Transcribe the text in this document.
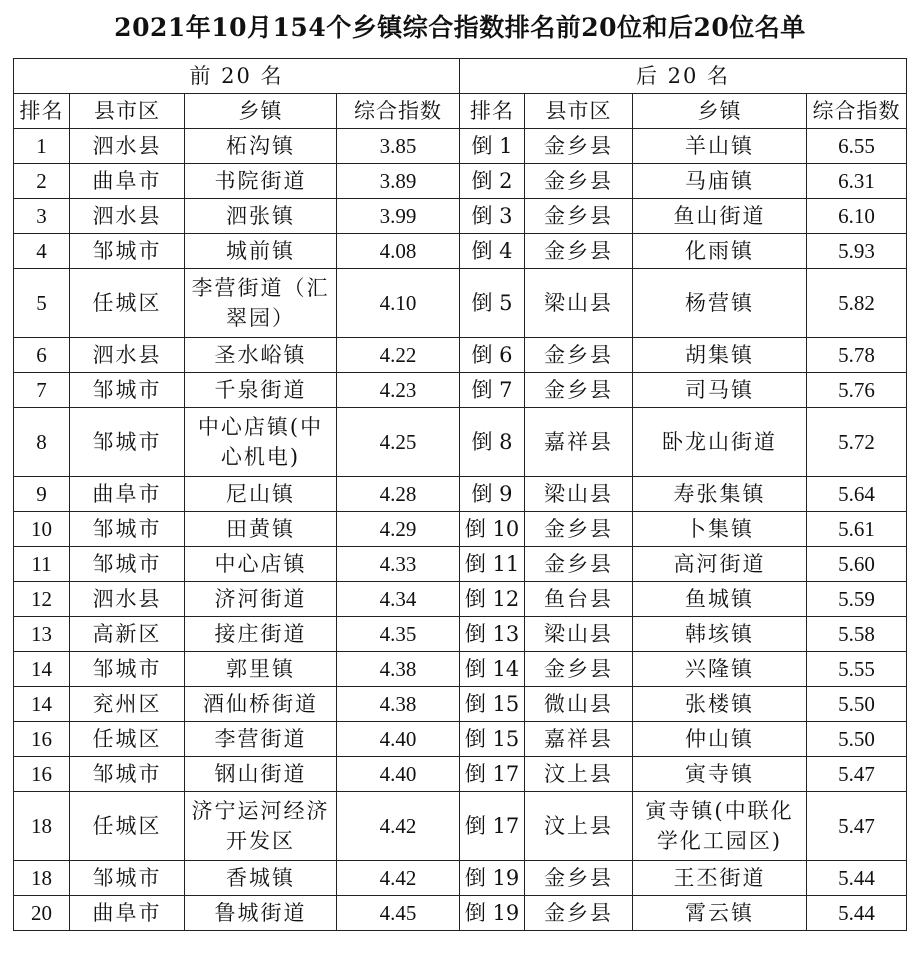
2021年10月154个乡镇综合指数排名前20位和后20位名单
前 20 名				后 20 名			
排名	县市区	乡镇	综合指数	排名	县市区	乡镇	综合指数
1	泗水县	柘沟镇	3.85	倒 1	金乡县	羊山镇	6.55
2	曲阜市	书院街道	3.89	倒 2	金乡县	马庙镇	6.31
3	泗水县	泗张镇	3.99	倒 3	金乡县	鱼山街道	6.10
4	邹城市	城前镇	4.08	倒 4	金乡县	化雨镇	5.93
5	任城区	李营街道（汇翠园）	4.10	倒 5	梁山县	杨营镇	5.82
6	泗水县	圣水峪镇	4.22	倒 6	金乡县	胡集镇	5.78
7	邹城市	千泉街道	4.23	倒 7	金乡县	司马镇	5.76
8	邹城市	中心店镇(中心机电)	4.25	倒 8	嘉祥县	卧龙山街道	5.72
9	曲阜市	尼山镇	4.28	倒 9	梁山县	寿张集镇	5.64
10	邹城市	田黄镇	4.29	倒 10	金乡县	卜集镇	5.61
11	邹城市	中心店镇	4.33	倒 11	金乡县	高河街道	5.60
12	泗水县	济河街道	4.34	倒 12	鱼台县	鱼城镇	5.59
13	高新区	接庄街道	4.35	倒 13	梁山县	韩垓镇	5.58
14	邹城市	郭里镇	4.38	倒 14	金乡县	兴隆镇	5.55
14	兖州区	酒仙桥街道	4.38	倒 15	微山县	张楼镇	5.50
16	任城区	李营街道	4.40	倒 15	嘉祥县	仲山镇	5.50
16	邹城市	钢山街道	4.40	倒 17	汶上县	寅寺镇	5.47
18	任城区	济宁运河经济开发区	4.42	倒 17	汶上县	寅寺镇(中联化学化工园区)	5.47
18	邹城市	香城镇	4.42	倒 19	金乡县	王丕街道	5.44
20	曲阜市	鲁城街道	4.45	倒 19	金乡县	霄云镇	5.44
